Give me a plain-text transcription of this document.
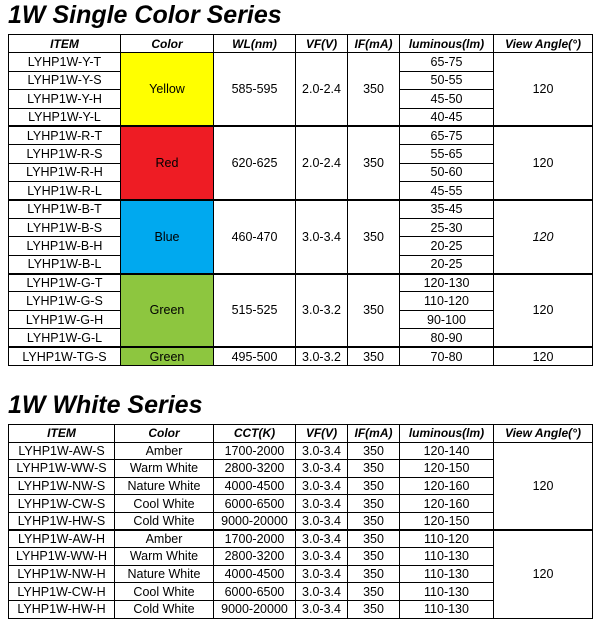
1W Single Color Series
ITEM	Color	WL(nm)	VF(V)	IF(mA)	luminous(lm)	View Angle(°)
LYHP1W-Y-T	Yellow	585-595	2.0-2.4	350	65-75	120
LYHP1W-Y-S					50-55	
LYHP1W-Y-H					45-50	
LYHP1W-Y-L					40-45	
LYHP1W-R-T	Red	620-625	2.0-2.4	350	65-75	120
LYHP1W-R-S					55-65	
LYHP1W-R-H					50-60	
LYHP1W-R-L					45-55	
LYHP1W-B-T	Blue	460-470	3.0-3.4	350	35-45	120
LYHP1W-B-S					25-30	
LYHP1W-B-H					20-25	
LYHP1W-B-L					20-25	
LYHP1W-G-T	Green	515-525	3.0-3.2	350	120-130	120
LYHP1W-G-S					110-120	
LYHP1W-G-H					90-100	
LYHP1W-G-L					80-90	
LYHP1W-TG-S	Green	495-500	3.0-3.2	350	70-80	120
1W White Series
ITEM	Color	CCT(K)	VF(V)	IF(mA)	luminous(lm)	View Angle(°)
LYHP1W-AW-S	Amber	1700-2000	3.0-3.4	350	120-140	120
LYHP1W-WW-S	Warm White	2800-3200	3.0-3.4	350	120-150	
LYHP1W-NW-S	Nature White	4000-4500	3.0-3.4	350	120-160	
LYHP1W-CW-S	Cool White	6000-6500	3.0-3.4	350	120-160	
LYHP1W-HW-S	Cold White	9000-20000	3.0-3.4	350	120-150	
LYHP1W-AW-H	Amber	1700-2000	3.0-3.4	350	110-120	120
LYHP1W-WW-H	Warm White	2800-3200	3.0-3.4	350	110-130	
LYHP1W-NW-H	Nature White	4000-4500	3.0-3.4	350	110-130	
LYHP1W-CW-H	Cool White	6000-6500	3.0-3.4	350	110-130	
LYHP1W-HW-H	Cold White	9000-20000	3.0-3.4	350	110-130	
